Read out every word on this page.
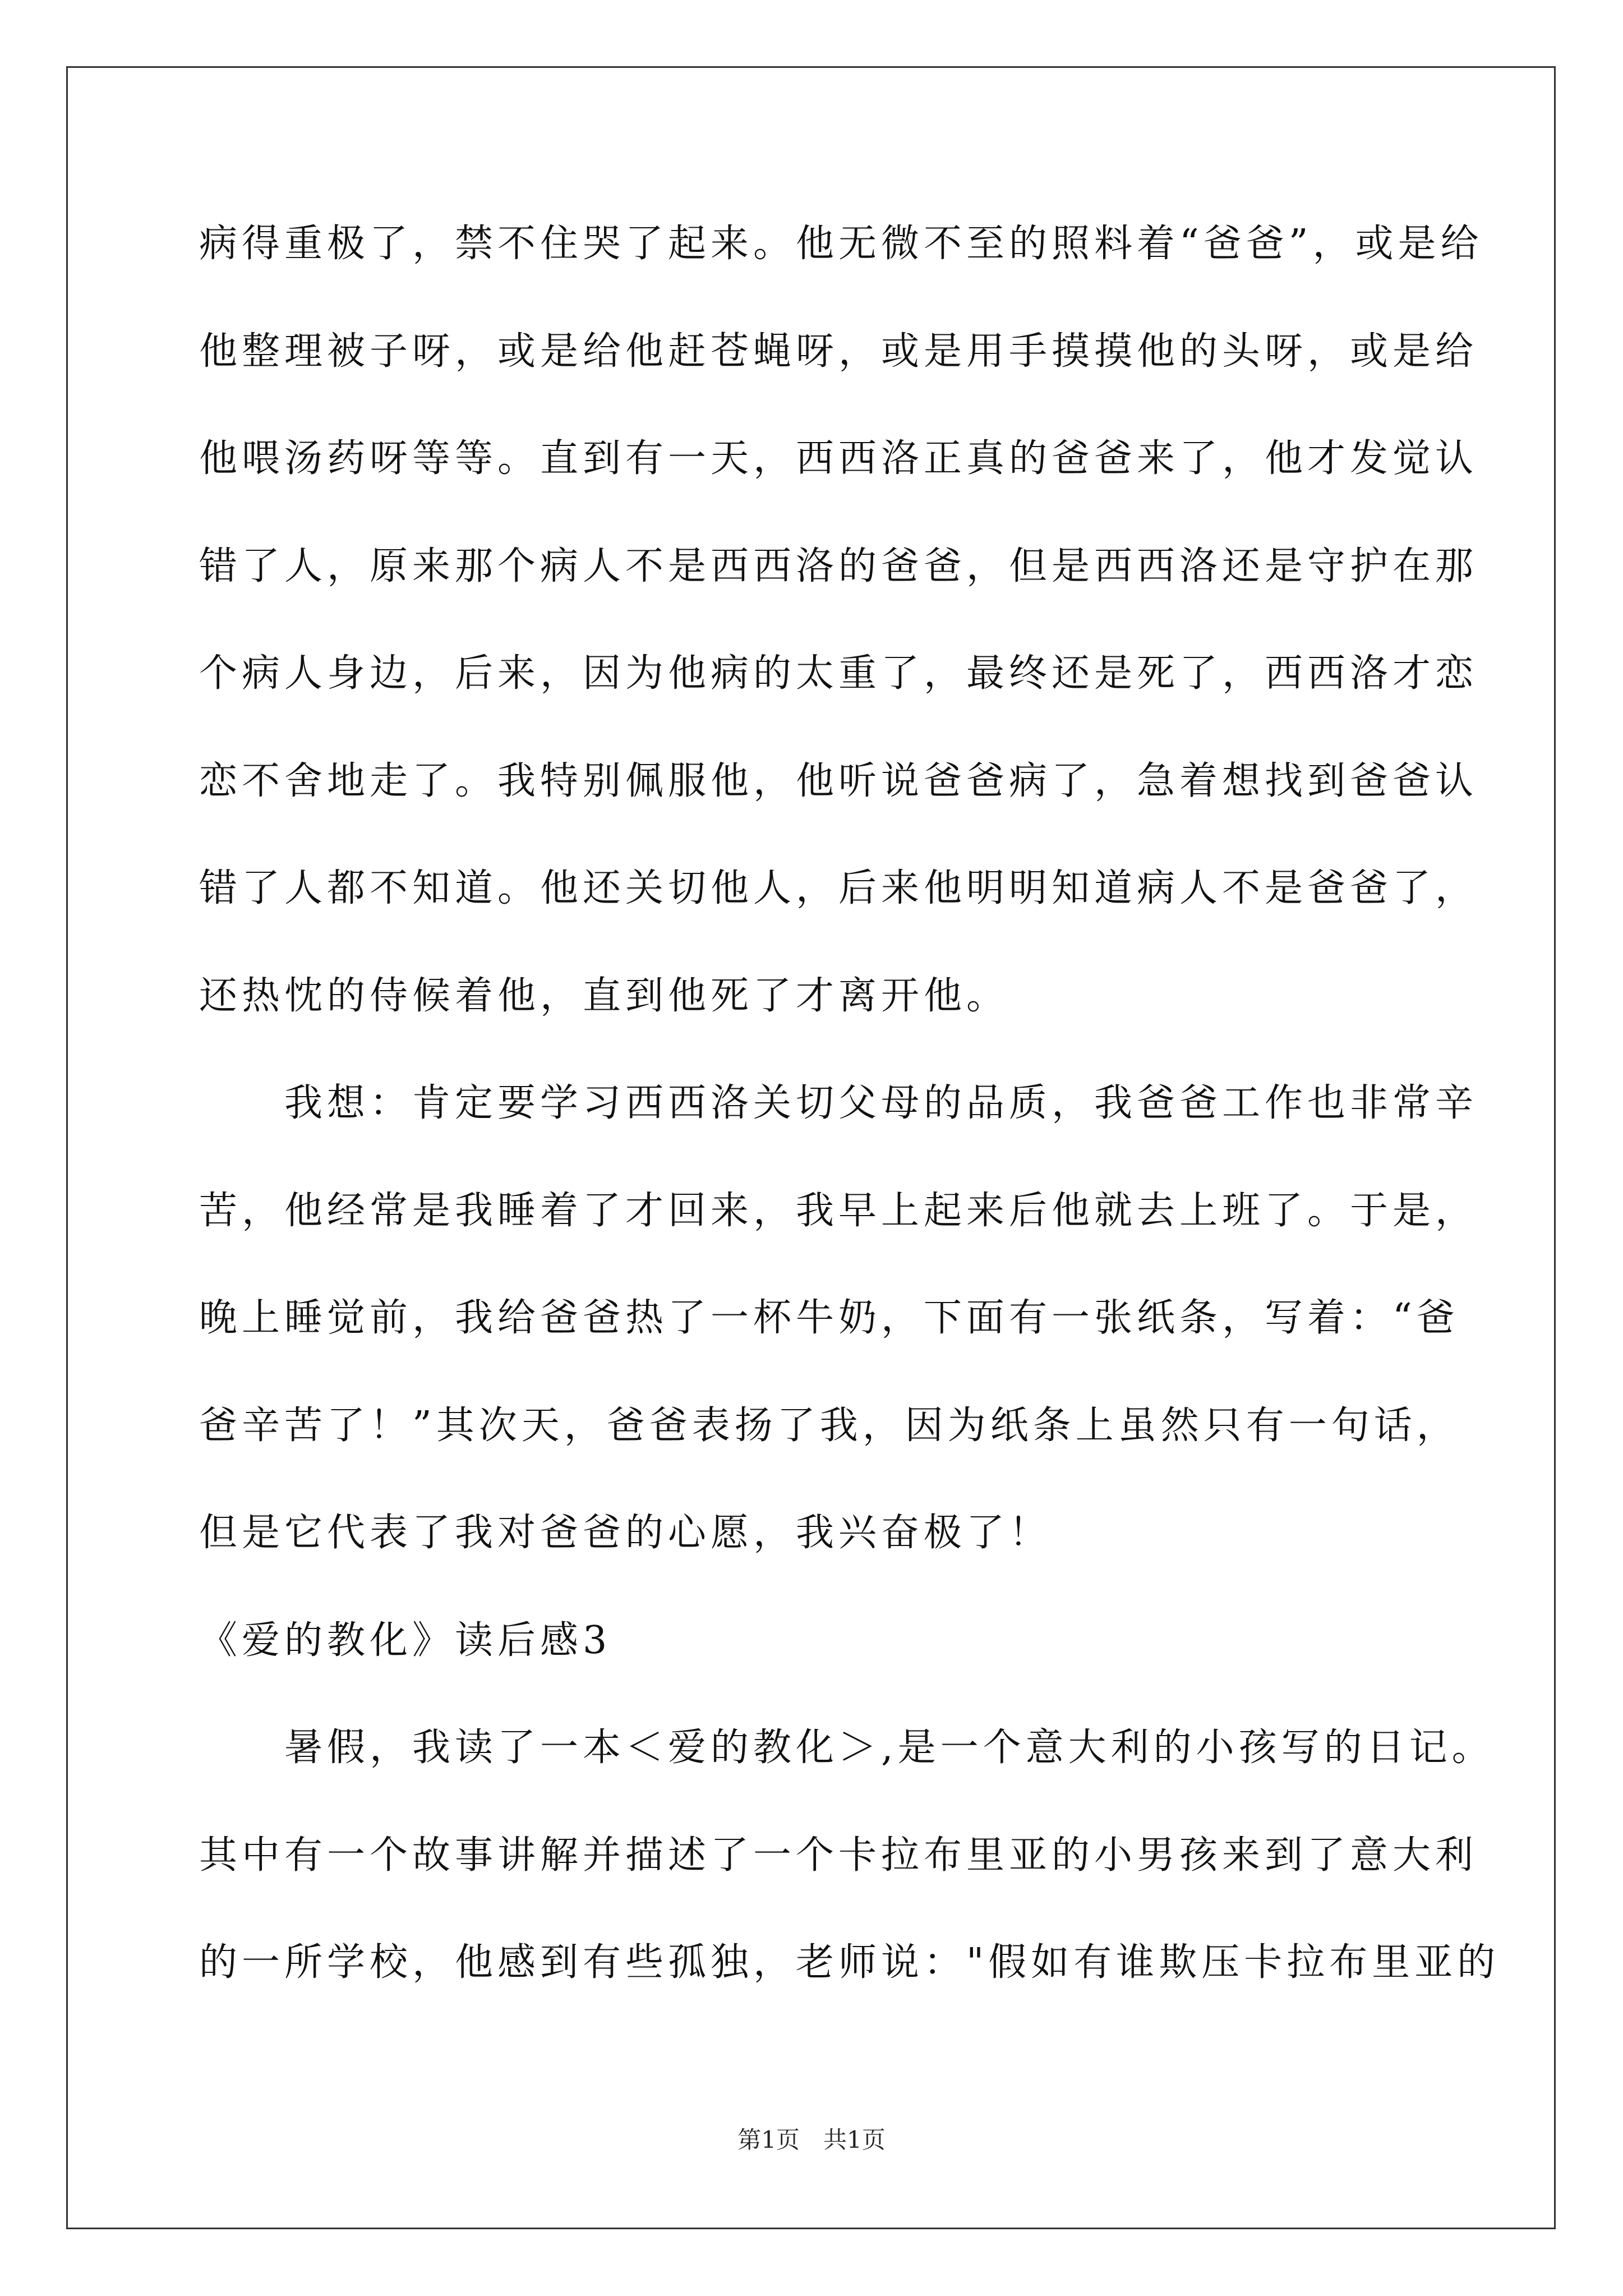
病得重极了，禁不住哭了起来。他无微不至的照料着“爸爸”，或是给
他整理被子呀，或是给他赶苍蝇呀，或是用手摸摸他的头呀，或是给
他喂汤药呀等等。直到有一天，西西洛正真的爸爸来了，他才发觉认
错了人，原来那个病人不是西西洛的爸爸，但是西西洛还是守护在那
个病人身边，后来，因为他病的太重了，最终还是死了，西西洛才恋
恋不舍地走了。我特别佩服他，他听说爸爸病了，急着想找到爸爸认
错了人都不知道。他还关切他人，后来他明明知道病人不是爸爸了，
还热忱的侍候着他，直到他死了才离开他。
　　我想：肯定要学习西西洛关切父母的品质，我爸爸工作也非常辛
苦，他经常是我睡着了才回来，我早上起来后他就去上班了。于是，
晚上睡觉前，我给爸爸热了一杯牛奶，下面有一张纸条，写着：“爸
爸辛苦了！”其次天，爸爸表扬了我，因为纸条上虽然只有一句话，
但是它代表了我对爸爸的心愿，我兴奋极了！
《爱的教化》读后感3
　　暑假，我读了一本＜爱的教化＞,是一个意大利的小孩写的日记。
其中有一个故事讲解并描述了一个卡拉布里亚的小男孩来到了意大利
的一所学校，他感到有些孤独，老师说："假如有谁欺压卡拉布里亚的
第1页　共1页
